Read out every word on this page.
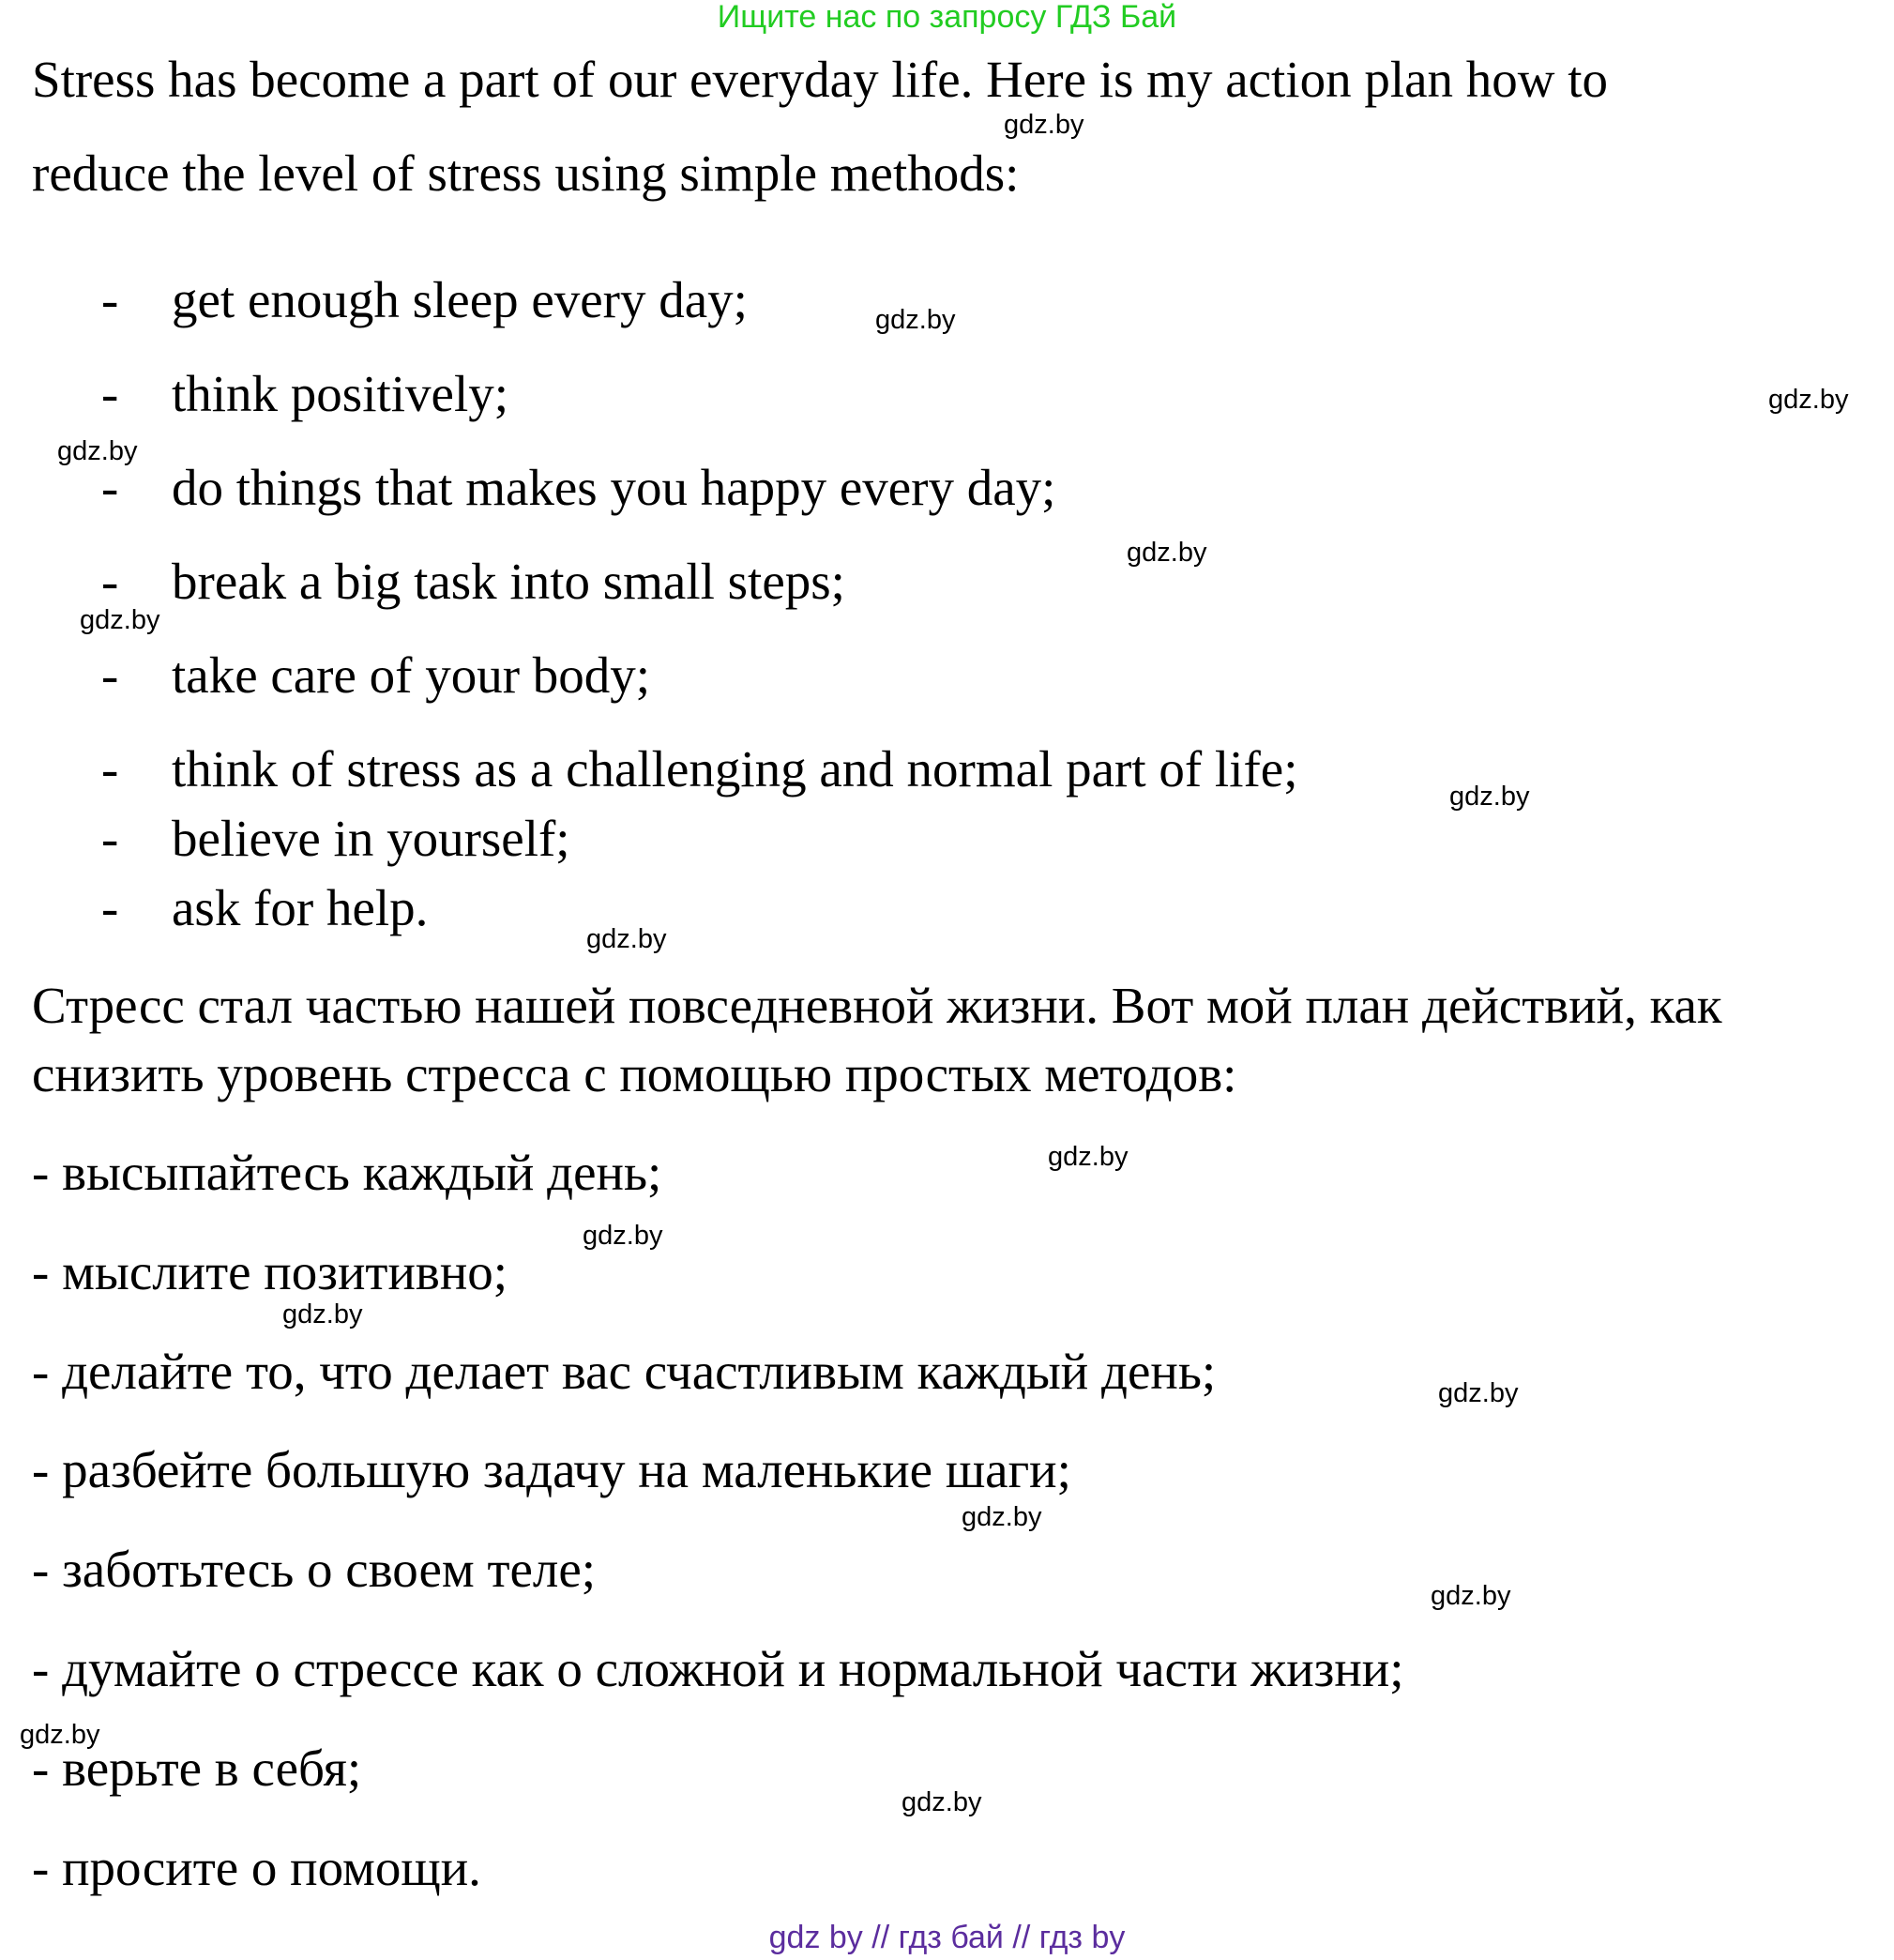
Ищите нас по запросу ГДЗ Бай
Stress has become a part of our everyday life. Here is my action plan how to
reduce the level of stress using simple methods:
- get enough sleep every day;
- think positively;
- do things that makes you happy every day;
- break a big task into small steps;
- take care of your body;
- think of stress as a challenging and normal part of life;
- believe in yourself;
- ask for help.
Стресс стал частью нашей повседневной жизни. Вот мой план действий, как
снизить уровень стресса с помощью простых методов:
- высыпайтесь каждый день;
- мыслите позитивно;
- делайте то, что делает вас счастливым каждый день;
- разбейте большую задачу на маленькие шаги;
- заботьтесь о своем теле;
- думайте о стрессе как о сложной и нормальной части жизни;
- верьте в себя;
- просите о помощи.
gdz.by
gdz.by
gdz.by
gdz.by
gdz.by
gdz.by
gdz.by
gdz.by
gdz.by
gdz.by
gdz.by
gdz.by
gdz.by
gdz.by
gdz.by
gdz.by
gdz by // гдз бай // гдз by
